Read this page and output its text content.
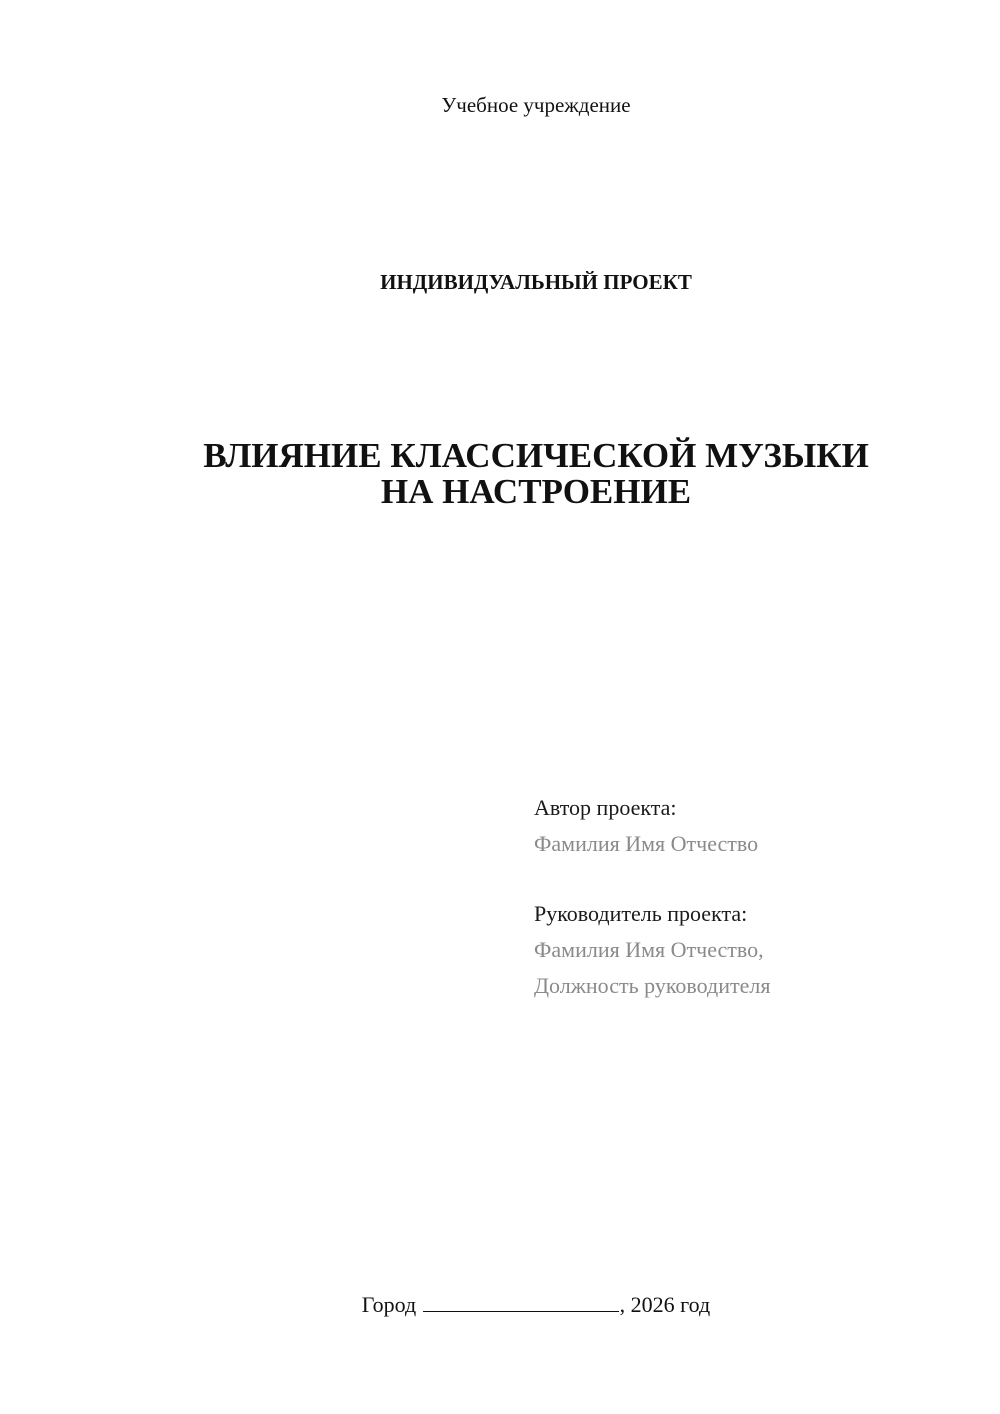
Учебное учреждение
ИНДИВИДУАЛЬНЫЙ ПРОЕКТ
ВЛИЯНИЕ КЛАССИЧЕСКОЙ МУЗЫКИ
НА НАСТРОЕНИЕ
Автор проекта:
Фамилия Имя Отчество
Руководитель проекта:
Фамилия Имя Отчество,
Должность руководителя
Город	, 2026 год
